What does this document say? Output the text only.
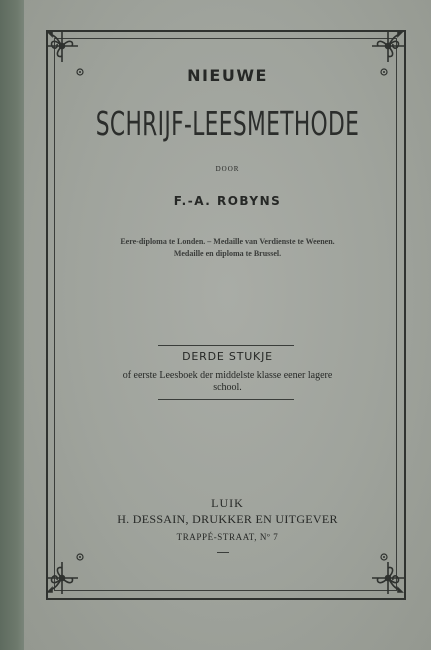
NIEUWE
SCHRIJF-LEESMETHODE
DOOR
F.-A. ROBYNS
Eere-diploma te Londen. – Medaille van Verdienste te Weenen.
Medaille en diploma te Brussel.
DERDE STUKJE
of eerste Leesboek der middelste klasse eener lagere
school.
LUIK
H. DESSAIN, DRUKKER EN UITGEVER
TRAPPÉ-STRAAT, Nº 7
